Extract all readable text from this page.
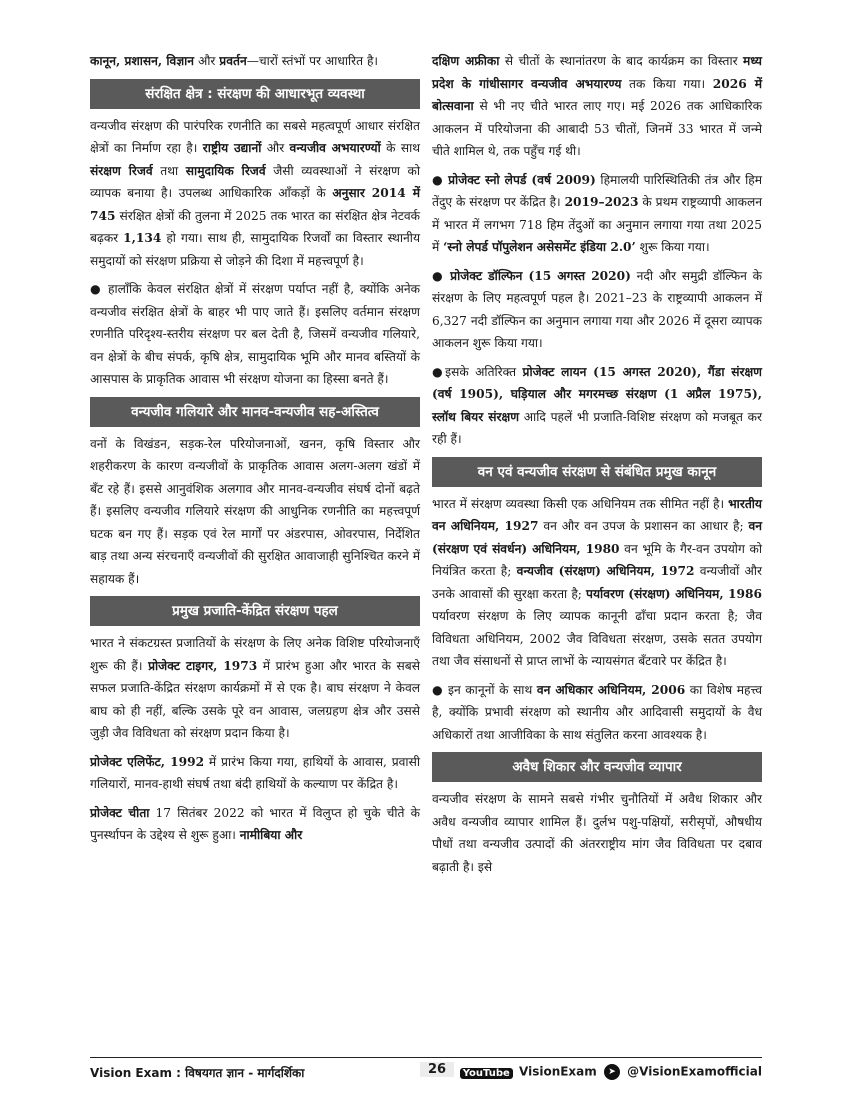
कानून, प्रशासन, विज्ञान और प्रवर्तन—चारों स्तंभों पर आधारित है।

संरक्षित क्षेत्र : संरक्षण की आधारभूत व्यवस्था

वन्यजीव संरक्षण की पारंपरिक रणनीति का सबसे महत्वपूर्ण आधार संरक्षित क्षेत्रों का निर्माण रहा है। राष्ट्रीय उद्यानों और वन्यजीव अभयारण्यों के साथ संरक्षण रिजर्व तथा सामुदायिक रिजर्व जैसी व्यवस्थाओं ने संरक्षण को व्यापक बनाया है। उपलब्ध आधिकारिक आँकड़ों के अनुसार 2014 में 745 संरक्षित क्षेत्रों की तुलना में 2025 तक भारत का संरक्षित क्षेत्र नेटवर्क बढ़कर 1,134 हो गया। साथ ही, सामुदायिक रिजर्वों का विस्तार स्थानीय समुदायों को संरक्षण प्रक्रिया से जोड़ने की दिशा में महत्त्वपूर्ण है।

● हालाँकि केवल संरक्षित क्षेत्रों में संरक्षण पर्याप्त नहीं है, क्योंकि अनेक वन्यजीव संरक्षित क्षेत्रों के बाहर भी पाए जाते हैं। इसलिए वर्तमान संरक्षण रणनीति परिदृश्य-स्तरीय संरक्षण पर बल देती है, जिसमें वन्यजीव गलियारे, वन क्षेत्रों के बीच संपर्क, कृषि क्षेत्र, सामुदायिक भूमि और मानव बस्तियों के आसपास के प्राकृतिक आवास भी संरक्षण योजना का हिस्सा बनते हैं।

वन्यजीव गलियारे और मानव-वन्यजीव सह-अस्तित्व

वनों के विखंडन, सड़क-रेल परियोजनाओं, खनन, कृषि विस्तार और शहरीकरण के कारण वन्यजीवों के प्राकृतिक आवास अलग-अलग खंडों में बँट रहे हैं। इससे आनुवंशिक अलगाव और मानव-वन्यजीव संघर्ष दोनों बढ़ते हैं। इसलिए वन्यजीव गलियारे संरक्षण की आधुनिक रणनीति का महत्त्वपूर्ण घटक बन गए हैं। सड़क एवं रेल मार्गों पर अंडरपास, ओवरपास, निर्देशित बाड़ तथा अन्य संरचनाएँ वन्यजीवों की सुरक्षित आवाजाही सुनिश्चित करने में सहायक हैं।

प्रमुख प्रजाति-केंद्रित संरक्षण पहल

भारत ने संकटग्रस्त प्रजातियों के संरक्षण के लिए अनेक विशिष्ट परियोजनाएँ शुरू की हैं। प्रोजेक्ट टाइगर, 1973 में प्रारंभ हुआ और भारत के सबसे सफल प्रजाति-केंद्रित संरक्षण कार्यक्रमों में से एक है। बाघ संरक्षण ने केवल बाघ को ही नहीं, बल्कि उसके पूरे वन आवास, जलग्रहण क्षेत्र और उससे जुड़ी जैव विविधता को संरक्षण प्रदान किया है।

प्रोजेक्ट एलिफेंट, 1992 में प्रारंभ किया गया, हाथियों के आवास, प्रवासी गलियारों, मानव-हाथी संघर्ष तथा बंदी हाथियों के कल्याण पर केंद्रित है।

प्रोजेक्ट चीता 17 सितंबर 2022 को भारत में विलुप्त हो चुके चीते के पुनर्स्थापन के उद्देश्य से शुरू हुआ। नामीबिया और

दक्षिण अफ्रीका से चीतों के स्थानांतरण के बाद कार्यक्रम का विस्तार मध्य प्रदेश के गांधीसागर वन्यजीव अभयारण्य तक किया गया। 2026 में बोत्सवाना से भी नए चीते भारत लाए गए। मई 2026 तक आधिकारिक आकलन में परियोजना की आबादी 53 चीतों, जिनमें 33 भारत में जन्मे चीते शामिल थे, तक पहुँच गई थी।

● प्रोजेक्ट स्नो लेपर्ड (वर्ष 2009) हिमालयी पारिस्थितिकी तंत्र और हिम तेंदुए के संरक्षण पर केंद्रित है। 2019–2023 के प्रथम राष्ट्रव्यापी आकलन में भारत में लगभग 718 हिम तेंदुओं का अनुमान लगाया गया तथा 2025 में ‘स्नो लेपर्ड पॉपुलेशन असेसमेंट इंडिया 2.0’ शुरू किया गया।

● प्रोजेक्ट डॉल्फिन (15 अगस्त 2020) नदी और समुद्री डॉल्फिन के संरक्षण के लिए महत्वपूर्ण पहल है। 2021–23 के राष्ट्रव्यापी आकलन में 6,327 नदी डॉल्फिन का अनुमान लगाया गया और 2026 में दूसरा व्यापक आकलन शुरू किया गया।

●इसके अतिरिक्त प्रोजेक्ट लायन (15 अगस्त 2020), गैंडा संरक्षण (वर्ष 1905), घड़ियाल और मगरमच्छ संरक्षण (1 अप्रैल 1975), स्लॉथ बियर संरक्षण आदि पहलें भी प्रजाति-विशिष्ट संरक्षण को मजबूत कर रही हैं।

वन एवं वन्यजीव संरक्षण से संबंधित प्रमुख कानून

भारत में संरक्षण व्यवस्था किसी एक अधिनियम तक सीमित नहीं है। भारतीय वन अधिनियम, 1927 वन और वन उपज के प्रशासन का आधार है; वन (संरक्षण एवं संवर्धन) अधिनियम, 1980 वन भूमि के गैर-वन उपयोग को नियंत्रित करता है; वन्यजीव (संरक्षण) अधिनियम, 1972 वन्यजीवों और उनके आवासों की सुरक्षा करता है; पर्यावरण (संरक्षण) अधिनियम, 1986 पर्यावरण संरक्षण के लिए व्यापक कानूनी ढाँचा प्रदान करता है; जैव विविधता अधिनियम, 2002 जैव विविधता संरक्षण, उसके सतत उपयोग तथा जैव संसाधनों से प्राप्त लाभों के न्यायसंगत बँटवारे पर केंद्रित है।

● इन कानूनों के साथ वन अधिकार अधिनियम, 2006 का विशेष महत्त्व है, क्योंकि प्रभावी संरक्षण को स्थानीय और आदिवासी समुदायों के वैध अधिकारों तथा आजीविका के साथ संतुलित करना आवश्यक है।

अवैध शिकार और वन्यजीव व्यापार

वन्यजीव संरक्षण के सामने सबसे गंभीर चुनौतियों में अवैध शिकार और अवैध वन्यजीव व्यापार शामिल हैं। दुर्लभ पशु-पक्षियों, सरीसृपों, औषधीय पौधों तथा वन्यजीव उत्पादों की अंतरराष्ट्रीय मांग जैव विविधता पर दबाव बढ़ाती है। इसे

Vision Exam : विषयगत ज्ञान - मार्गदर्शिका	26	YouTube VisionExam ➤ @VisionExamofficial
